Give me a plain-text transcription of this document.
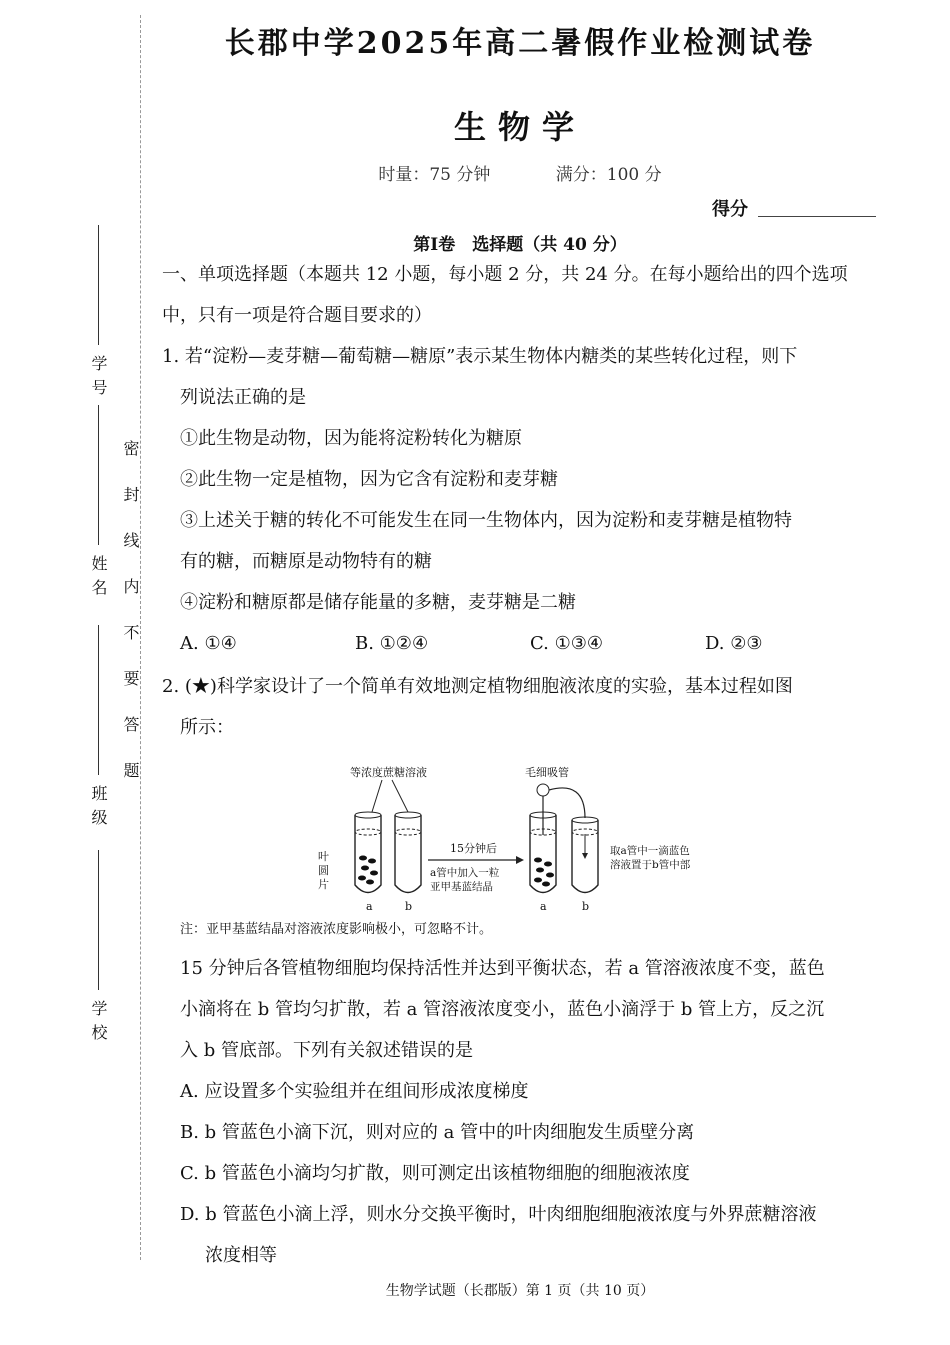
学号
姓名
班级
学校
密封线内不要答题
长郡中学2025年高二暑假作业检测试卷
生物学
时量：75 分钟	满分：100 分
得分
第Ⅰ卷　选择题（共 40 分）
一、单项选择题（本题共 12 小题，每小题 2 分，共 24 分。在每小题给出的四个选项
中，只有一项是符合题目要求的）
1. 若“淀粉—麦芽糖—葡萄糖—糖原”表示某生物体内糖类的某些转化过程，则下
列说法正确的是
①此生物是动物，因为能将淀粉转化为糖原
②此生物一定是植物，因为它含有淀粉和麦芽糖
③上述关于糖的转化不可能发生在同一生物体内，因为淀粉和麦芽糖是植物特
有的糖，而糖原是动物特有的糖
④淀粉和糖原都是储存能量的多糖，麦芽糖是二糖
A. ①④	B. ①②④	C. ①③④	D. ②③
2. (★)科学家设计了一个简单有效地测定植物细胞液浓度的实验，基本过程如图
所示：
等浓度蔗糖溶液	毛细吸管
a	b
叶
圆
片
15分钟后
a管中加入一粒
亚甲基蓝结晶
a	b
取a管中一滴蓝色
溶液置于b管中部
注：亚甲基蓝结晶对溶液浓度影响极小，可忽略不计。
15 分钟后各管植物细胞均保持活性并达到平衡状态，若 a 管溶液浓度不变，蓝色
小滴将在 b 管均匀扩散，若 a 管溶液浓度变小，蓝色小滴浮于 b 管上方，反之沉
入 b 管底部。下列有关叙述错误的是
A. 应设置多个实验组并在组间形成浓度梯度
B. b 管蓝色小滴下沉，则对应的 a 管中的叶肉细胞发生质壁分离
C. b 管蓝色小滴均匀扩散，则可测定出该植物细胞的细胞液浓度
D. b 管蓝色小滴上浮，则水分交换平衡时，叶肉细胞细胞液浓度与外界蔗糖溶液
浓度相等
生物学试题（长郡版）第 1 页（共 10 页）
